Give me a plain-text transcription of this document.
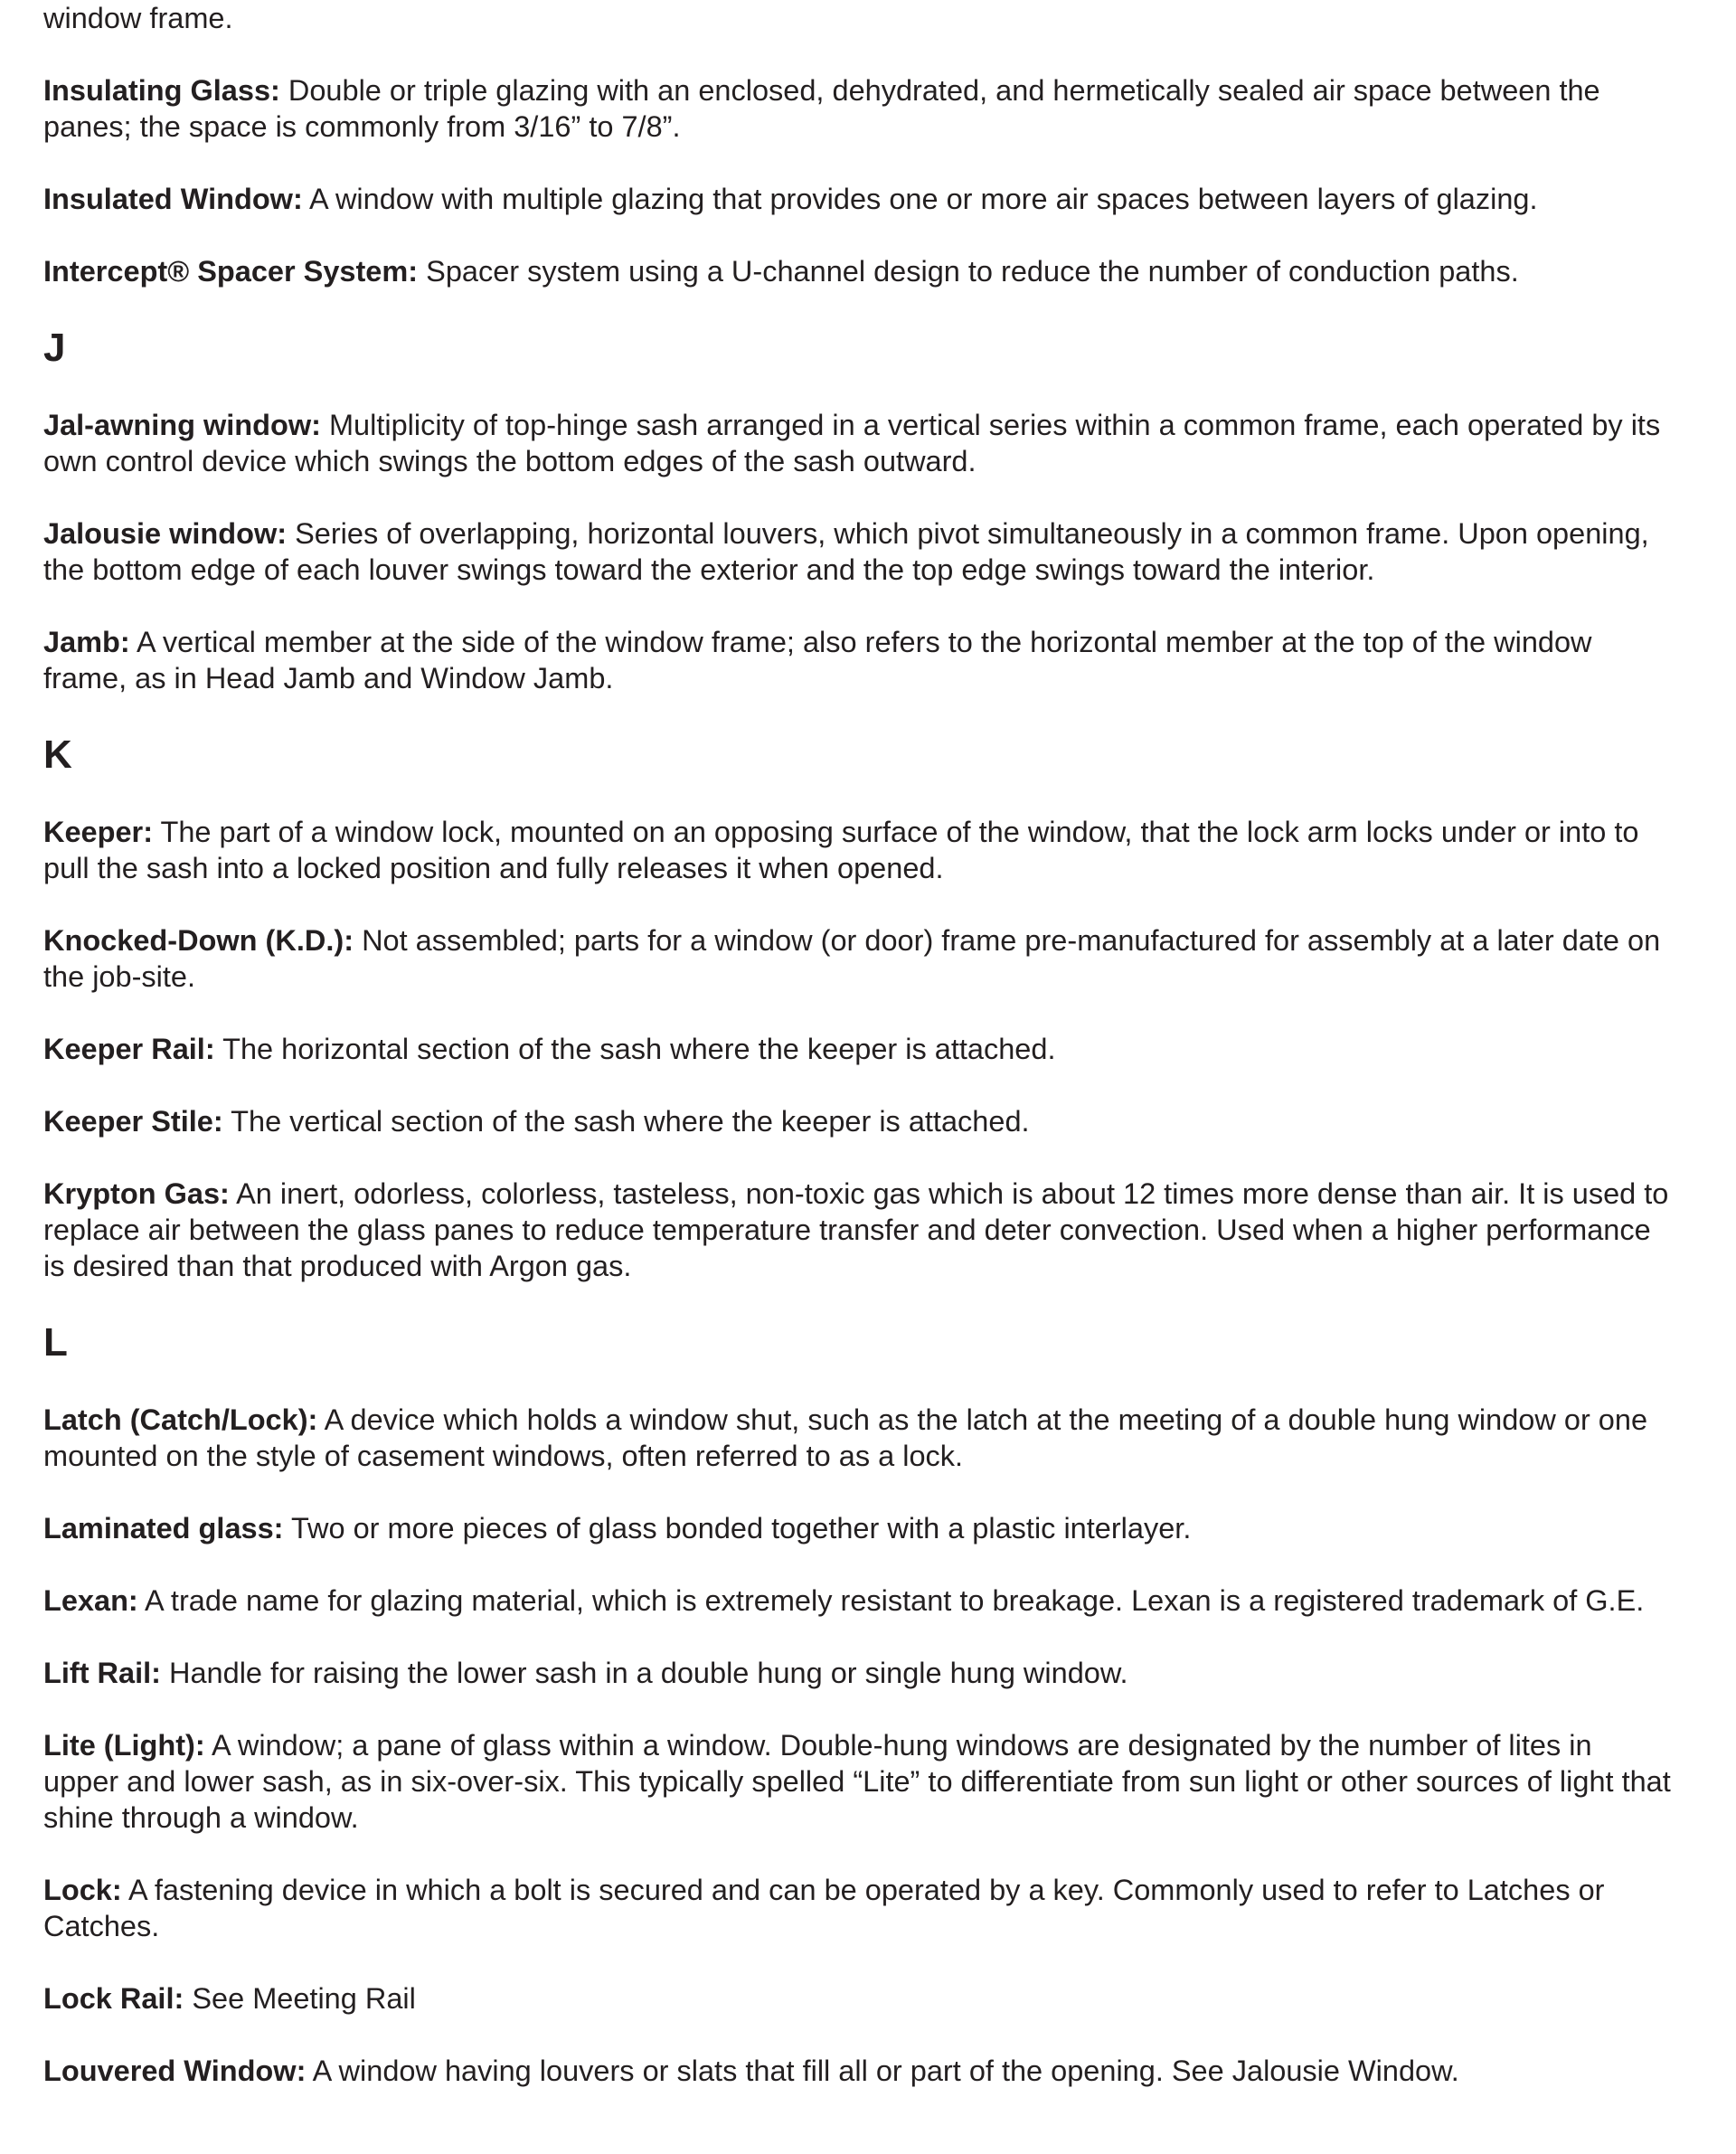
window frame.

Insulating Glass: Double or triple glazing with an enclosed, dehydrated, and hermetically sealed air space between the panes; the space is commonly from 3/16” to 7/8”.

Insulated Window: A window with multiple glazing that provides one or more air spaces between layers of glazing.

Intercept® Spacer System: Spacer system using a U-channel design to reduce the number of conduction paths.

J

Jal-awning window: Multiplicity of top-hinge sash arranged in a vertical series within a common frame, each operated by its own control device which swings the bottom edges of the sash outward.

Jalousie window: Series of overlapping, horizontal louvers, which pivot simultaneously in a common frame. Upon opening, the bottom edge of each louver swings toward the exterior and the top edge swings toward the interior.

Jamb: A vertical member at the side of the window frame; also refers to the horizontal member at the top of the window frame, as in Head Jamb and Window Jamb.

K

Keeper: The part of a window lock, mounted on an opposing surface of the window, that the lock arm locks under or into to pull the sash into a locked position and fully releases it when opened.

Knocked-Down (K.D.): Not assembled; parts for a window (or door) frame pre-manufactured for assembly at a later date on the job-site.

Keeper Rail: The horizontal section of the sash where the keeper is attached.

Keeper Stile: The vertical section of the sash where the keeper is attached.

Krypton Gas: An inert, odorless, colorless, tasteless, non-toxic gas which is about 12 times more dense than air. It is used to replace air between the glass panes to reduce temperature transfer and deter convection. Used when a higher performance is desired than that produced with Argon gas.

L

Latch (Catch/Lock): A device which holds a window shut, such as the latch at the meeting of a double hung window or one mounted on the style of casement windows, often referred to as a lock.

Laminated glass: Two or more pieces of glass bonded together with a plastic interlayer.

Lexan: A trade name for glazing material, which is extremely resistant to breakage. Lexan is a registered trademark of G.E.

Lift Rail: Handle for raising the lower sash in a double hung or single hung window.

Lite (Light): A window; a pane of glass within a window. Double-hung windows are designated by the number of lites in upper and lower sash, as in six-over-six. This typically spelled “Lite” to differentiate from sun light or other sources of light that shine through a window.

Lock: A fastening device in which a bolt is secured and can be operated by a key. Commonly used to refer to Latches or Catches.

Lock Rail: See Meeting Rail

Louvered Window: A window having louvers or slats that fill all or part of the opening. See Jalousie Window.
